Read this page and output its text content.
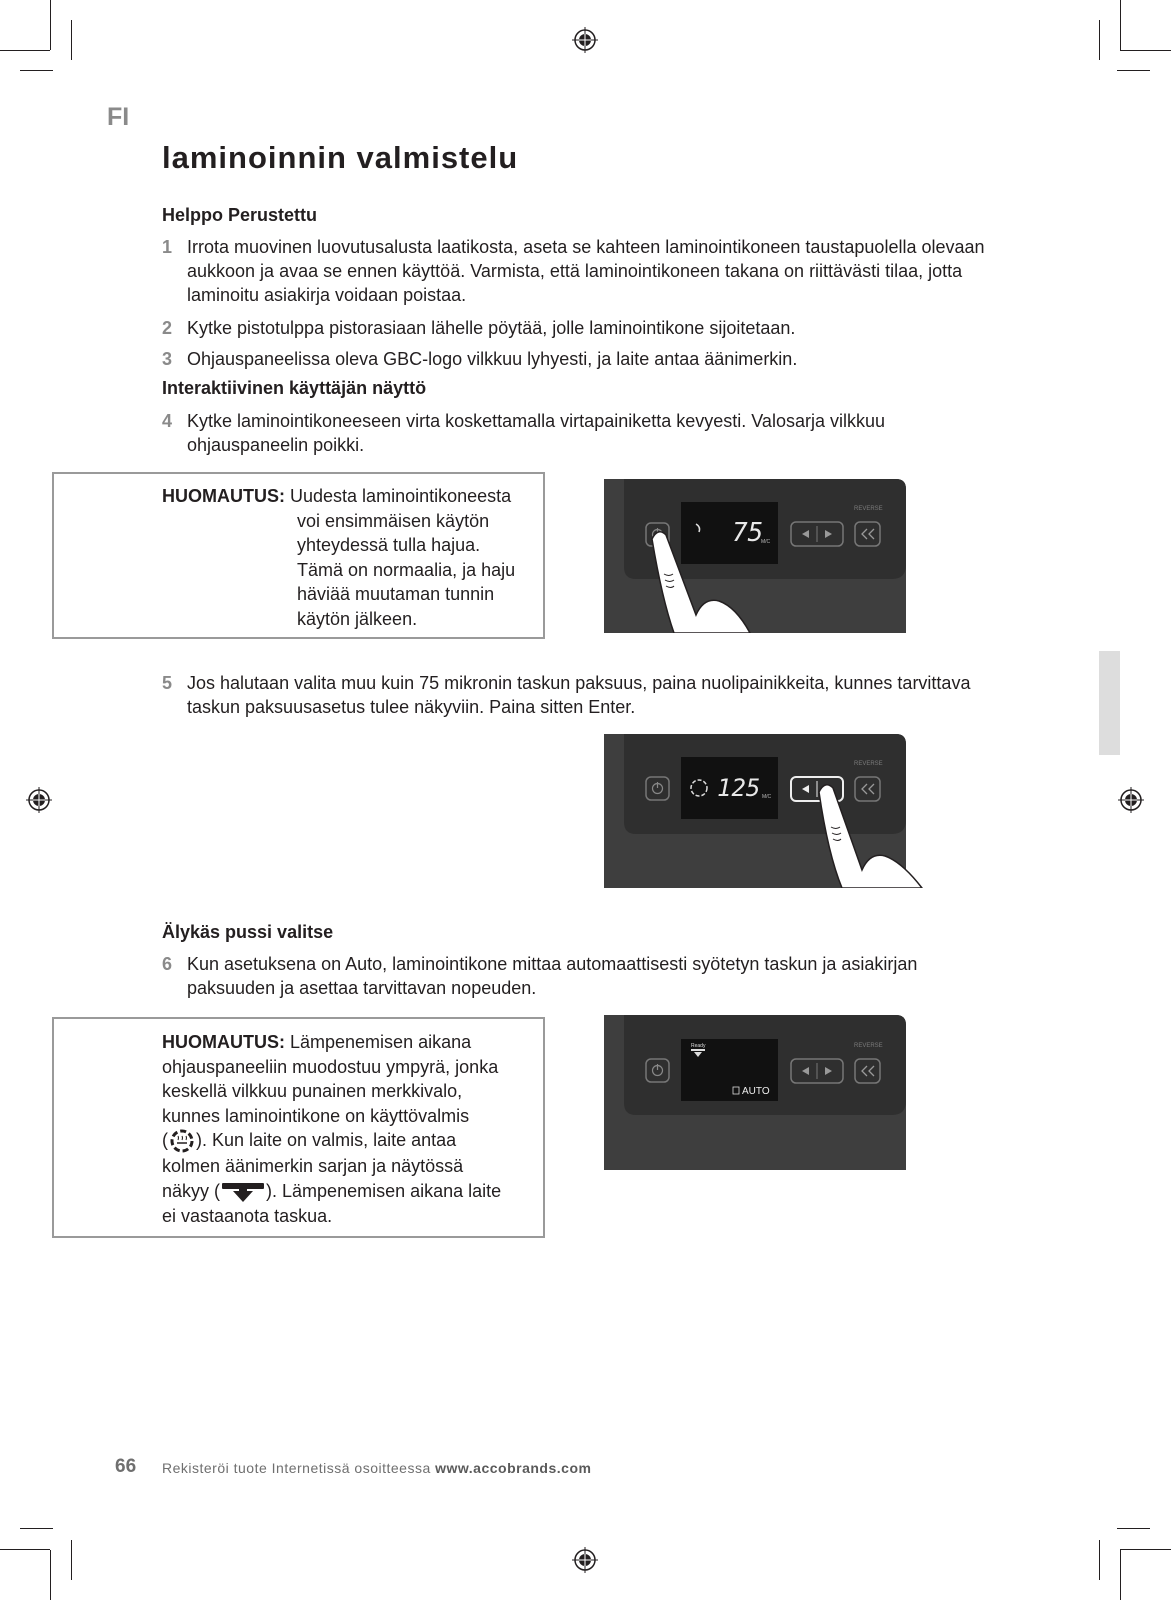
FI
laminoinnin valmistelu
Helppo Perustettu
1 Irrota muovinen luovutusalusta laatikosta, aseta se kahteen laminointikoneen taustapuolella olevaan aukkoon ja avaa se ennen käyttöä. Varmista, että laminointikoneen takana on riittävästi tilaa, jotta laminoitu asiakirja voidaan poistaa.
2 Kytke pistotulppa pistorasiaan lähelle pöytää, jolle laminointikone sijoitetaan.
3 Ohjauspaneelissa oleva GBC-logo vilkkuu lyhyesti, ja laite antaa äänimerkin.
Interaktiivinen käyttäjän näyttö
4 Kytke laminointikoneeseen virta koskettamalla virtapainiketta kevyesti. Valosarja vilkkuu ohjauspaneelin poikki.
HUOMAUTUS: Uudesta laminointikoneesta
voi ensimmäisen käytön
yhteydessä tulla hajua.
Tämä on normaalia, ja haju
häviää muutaman tunnin
käytön jälkeen.
REVERSE
75
M/C
5 Jos halutaan valita muu kuin 75 mikronin taskun paksuus, paina nuolipainikkeita, kunnes tarvittava taskun paksuusasetus tulee näkyviin. Paina sitten Enter.
REVERSE
125 M/C
Älykäs pussi valitse
6 Kun asetuksena on Auto, laminointikone mittaa automaattisesti syötetyn taskun ja asiakirjan paksuuden ja asettaa tarvittavan nopeuden.
HUOMAUTUS: Lämpenemisen aikana
ohjauspaneeliin muodostuu ympyrä, jonka
keskellä vilkkuu punainen merkkivalo,
kunnes laminointikone on käyttövalmis
( ). Kun laite on valmis, laite antaa
kolmen äänimerkin sarjan ja näytössä
näkyy (	). Lämpenemisen aikana laite
ei vastaanota taskua.
REVERSE
Ready
AUTO
66 Rekisteröi tuote Internetissä osoitteessa www.accobrands.com
